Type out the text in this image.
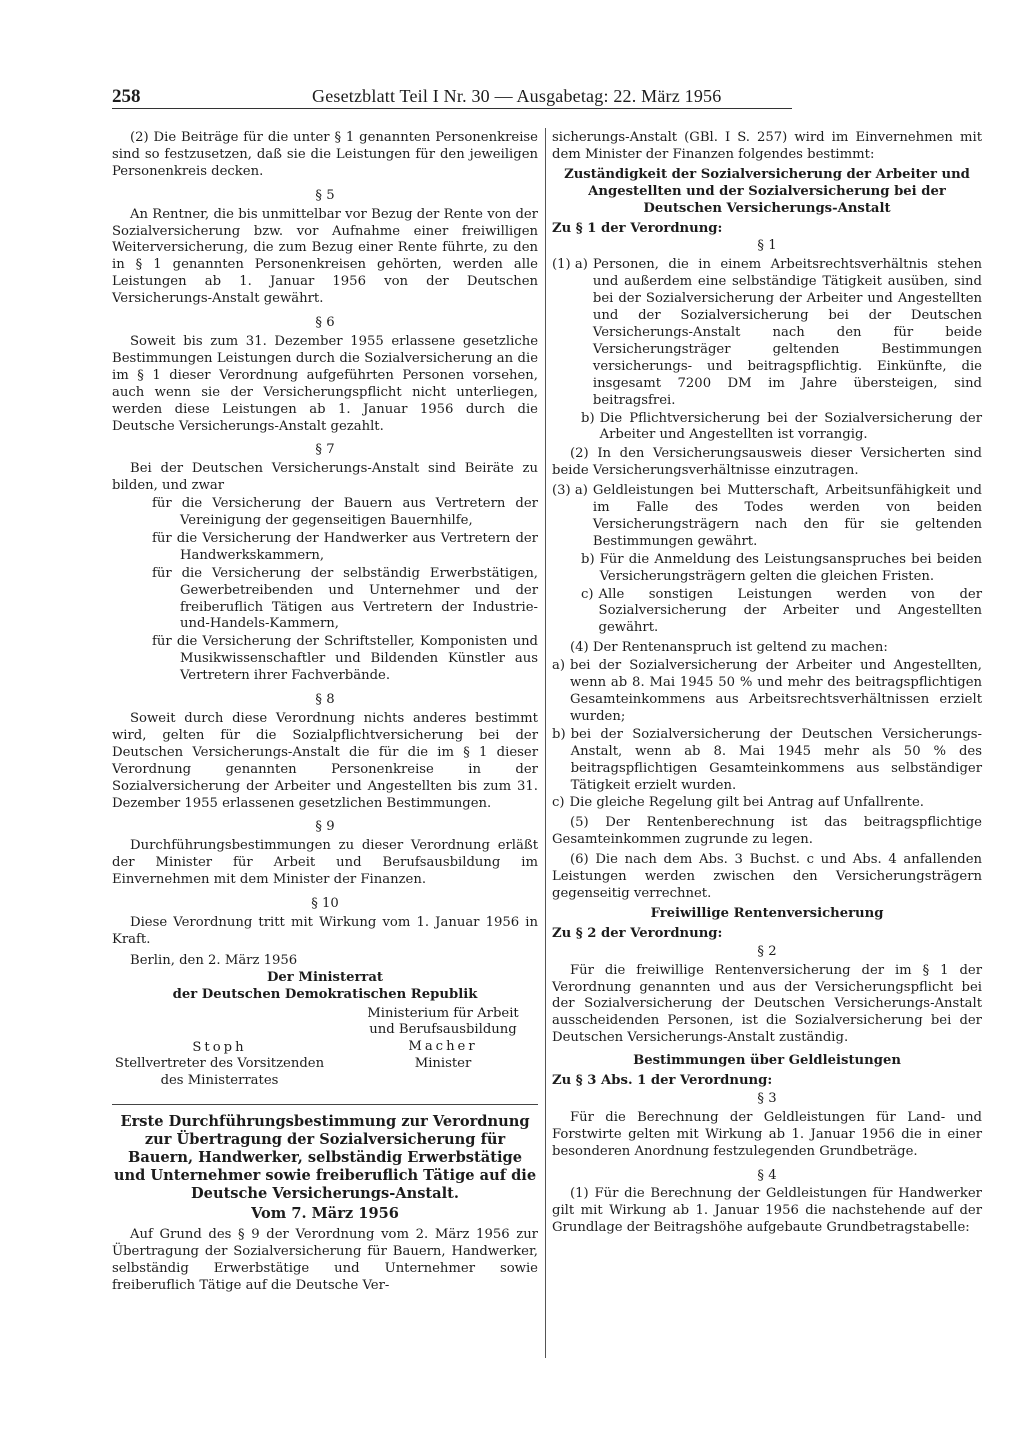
258	Gesetzblatt Teil I Nr. 30 — Ausgabetag: 22. März 1956

(2) Die Beiträge für die unter § 1 genannten Personenkreise sind so festzusetzen, daß sie die Leistungen für den jeweiligen Personenkreis decken.

§ 5

An Rentner, die bis unmittelbar vor Bezug der Rente von der Sozialversicherung bzw. vor Aufnahme einer freiwilligen Weiterversicherung, die zum Bezug einer Rente führte, zu den in § 1 genannten Personenkreisen gehörten, werden alle Leistungen ab 1. Januar 1956 von der Deutschen Versicherungs-Anstalt gewährt.

§ 6

Soweit bis zum 31. Dezember 1955 erlassene gesetzliche Bestimmungen Leistungen durch die Sozialversicherung an die im § 1 dieser Verordnung aufgeführten Personen vorsehen, auch wenn sie der Versicherungspflicht nicht unterliegen, werden diese Leistungen ab 1. Januar 1956 durch die Deutsche Versicherungs-Anstalt gezahlt.

§ 7

Bei der Deutschen Versicherungs-Anstalt sind Beiräte zu bilden, und zwar

für die Versicherung der Bauern aus Vertretern der Vereinigung der gegenseitigen Bauernhilfe,
für die Versicherung der Handwerker aus Vertretern der Handwerkskammern,
für die Versicherung der selbständig Erwerbstätigen, Gewerbetreibenden und Unternehmer und der freiberuflich Tätigen aus Vertretern der Industrie-und-Handels-Kammern,
für die Versicherung der Schriftsteller, Komponisten und Musikwissenschaftler und Bildenden Künstler aus Vertretern ihrer Fachverbände.

§ 8

Soweit durch diese Verordnung nichts anderes bestimmt wird, gelten für die Sozialpflichtversicherung bei der Deutschen Versicherungs-Anstalt die für die im § 1 dieser Verordnung genannten Personenkreise in der Sozialversicherung der Arbeiter und Angestellten bis zum 31. Dezember 1955 erlassenen gesetzlichen Bestimmungen.

§ 9

Durchführungsbestimmungen zu dieser Verordnung erläßt der Minister für Arbeit und Berufsausbildung im Einvernehmen mit dem Minister der Finanzen.

§ 10

Diese Verordnung tritt mit Wirkung vom 1. Januar 1956 in Kraft.

Berlin, den 2. März 1956

Der Ministerrat

der Deutschen Demokratischen Republik

Stoph

Stellvertreter des Vorsitzenden

des Ministerrates

Ministerium für Arbeit

und Berufsausbildung

Macher

Minister

Erste Durchführungsbestimmung zur Verordnung zur Übertragung der Sozialversicherung für Bauern, Handwerker, selbständig Erwerbstätige und Unternehmer sowie freiberuflich Tätige auf die Deutsche Versicherungs-Anstalt.

Vom 7. März 1956

Auf Grund des § 9 der Verordnung vom 2. März 1956 zur Übertragung der Sozialversicherung für Bauern, Handwerker, selbständig Erwerbstätige und Unternehmer sowie freiberuflich Tätige auf die Deutsche Ver-

sicherungs-Anstalt (GBl. I S. 257) wird im Einvernehmen mit dem Minister der Finanzen folgendes bestimmt:

Zuständigkeit der Sozialversicherung der Arbeiter und Angestellten und der Sozialversicherung bei der Deutschen Versicherungs-Anstalt

Zu § 1 der Verordnung:

§ 1

(1) a) Personen, die in einem Arbeitsrechtsverhältnis stehen und außerdem eine selbständige Tätigkeit ausüben, sind bei der Sozialversicherung der Arbeiter und Angestellten und der Sozialversicherung bei der Deutschen Versicherungs-Anstalt nach den für beide Versicherungsträger geltenden Bestimmungen versicherungs- und beitragspflichtig. Einkünfte, die insgesamt 7200 DM im Jahre übersteigen, sind beitragsfrei.
b) Die Pflichtversicherung bei der Sozialversicherung der Arbeiter und Angestellten ist vorrangig.

(2) In den Versicherungsausweis dieser Versicherten sind beide Versicherungsverhältnisse einzutragen.

(3) a) Geldleistungen bei Mutterschaft, Arbeitsunfähigkeit und im Falle des Todes werden von beiden Versicherungsträgern nach den für sie geltenden Bestimmungen gewährt.
b) Für die Anmeldung des Leistungsanspruches bei beiden Versicherungsträgern gelten die gleichen Fristen.
c) Alle sonstigen Leistungen werden von der Sozialversicherung der Arbeiter und Angestellten gewährt.

(4) Der Rentenanspruch ist geltend zu machen:

a) bei der Sozialversicherung der Arbeiter und Angestellten, wenn ab 8. Mai 1945 50 % und mehr des beitragspflichtigen Gesamteinkommens aus Arbeitsrechtsverhältnissen erzielt wurden;
b) bei der Sozialversicherung der Deutschen Versicherungs-Anstalt, wenn ab 8. Mai 1945 mehr als 50 % des beitragspflichtigen Gesamteinkommens aus selbständiger Tätigkeit erzielt wurden.
c) Die gleiche Regelung gilt bei Antrag auf Unfallrente.

(5) Der Rentenberechnung ist das beitragspflichtige Gesamteinkommen zugrunde zu legen.

(6) Die nach dem Abs. 3 Buchst. c und Abs. 4 anfallenden Leistungen werden zwischen den Versicherungsträgern gegenseitig verrechnet.

Freiwillige Rentenversicherung

Zu § 2 der Verordnung:

§ 2

Für die freiwillige Rentenversicherung der im § 1 der Verordnung genannten und aus der Versicherungspflicht bei der Sozialversicherung der Deutschen Versicherungs-Anstalt ausscheidenden Personen, ist die Sozialversicherung bei der Deutschen Versicherungs-Anstalt zuständig.

Bestimmungen über Geldleistungen

Zu § 3 Abs. 1 der Verordnung:

§ 3

Für die Berechnung der Geldleistungen für Land- und Forstwirte gelten mit Wirkung ab 1. Januar 1956 die in einer besonderen Anordnung festzulegenden Grundbeträge.

§ 4

(1) Für die Berechnung der Geldleistungen für Handwerker gilt mit Wirkung ab 1. Januar 1956 die nachstehende auf der Grundlage der Beitragshöhe aufgebaute Grundbetragstabelle:
